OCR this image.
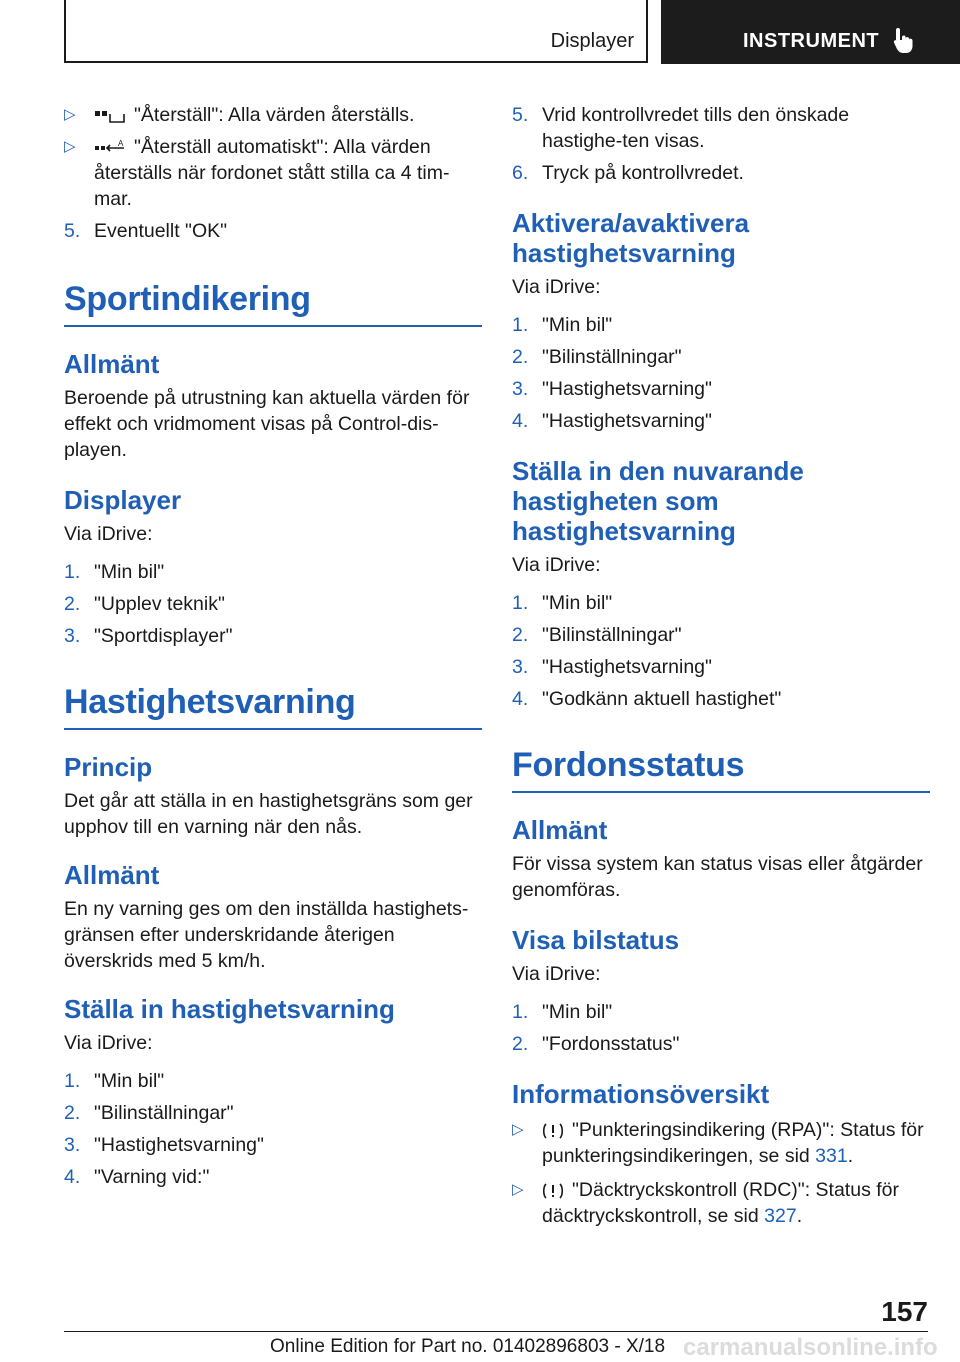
Displayer	INSTRUMENT
▷	"Återställ": Alla värden återställs.
▷	A "Återställ automatiskt": Alla värden återställs när fordonet stått stilla ca 4 tim-mar.
5. Eventuellt "OK"
Sportindikering
Allmänt

Beroende på utrustning kan aktuella värden för effekt och vridmoment visas på Control-dis-playen.

Displayer

Via iDrive:

1. "Min bil"
2. "Upplev teknik"
3. "Sportdisplayer"
Hastighetsvarning
Princip

Det går att ställa in en hastighetsgräns som ger upphov till en varning när den nås.

Allmänt

En ny varning ges om den inställda hastighets-gränsen efter underskridande återigen överskrids med 5 km/h.

Ställa in hastighetsvarning

Via iDrive:

1. "Min bil"
2. "Bilinställningar"
3. "Hastighetsvarning"
4. "Varning vid:"
5. Vrid kontrollvredet tills den önskade hastighe-ten visas.
6. Tryck på kontrollvredet.
Aktivera/avaktivera hastighetsvarning

Via iDrive:

1. "Min bil"
2. "Bilinställningar"
3. "Hastighetsvarning"
4. "Hastighetsvarning"
Ställa in den nuvarande hastigheten som hastighetsvarning

Via iDrive:

1. "Min bil"
2. "Bilinställningar"
3. "Hastighetsvarning"
4. "Godkänn aktuell hastighet"
Fordonsstatus
Allmänt

För vissa system kan status visas eller åtgärder genomföras.

Visa bilstatus

Via iDrive:

1. "Min bil"
2. "Fordonsstatus"
Informationsöversikt
▷ "Punkteringsindikering (RPA)": Status för punkteringsindikeringen, se sid 331.
▷ "Däcktryckskontroll (RDC)": Status för däcktryckskontroll, se sid 327.
157
carmanualsonline.info
Online Edition for Part no. 01402896803 - X/18
